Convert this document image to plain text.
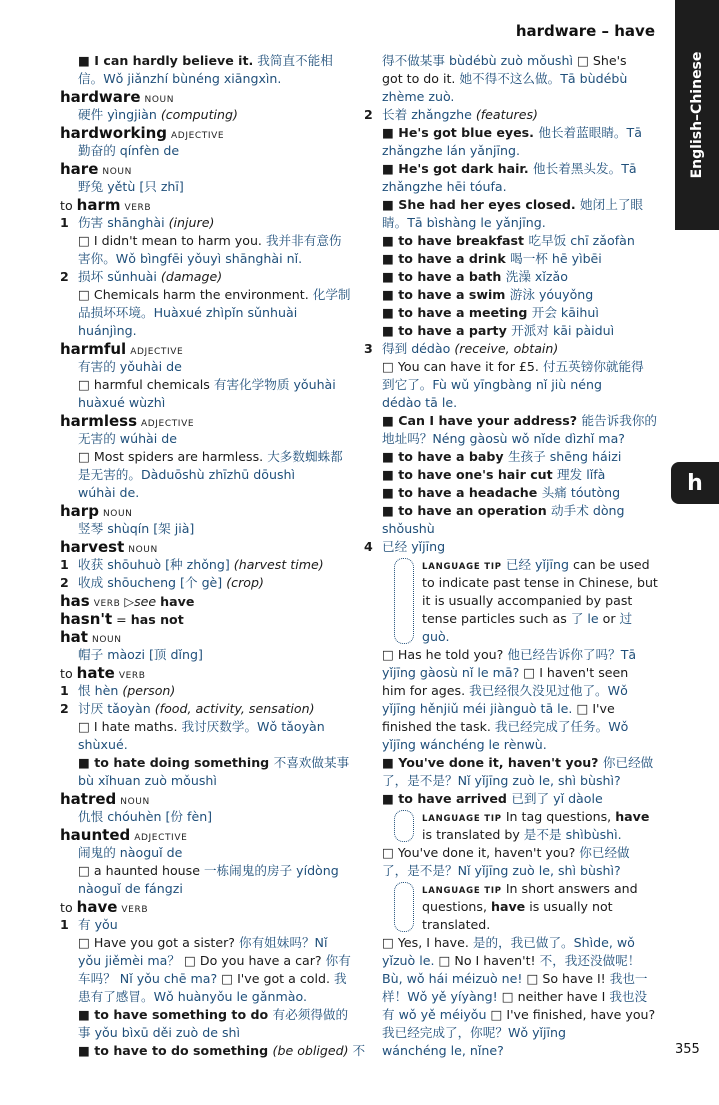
hardware – have
English–Chinese
h
■ I can hardly believe it. 我简直不能相
信。Wǒ jiǎnzhí bùnéng xiāngxìn.
hardware NOUN
硬件 yìngjiàn (computing)
hardworking ADJECTIVE
勤奋的 qínfèn de
hare NOUN
野兔 yětù [只 zhī]
to harm VERB
1 伤害 shānghài (injure)
□ I didn't mean to harm you. 我并非有意伤
害你。Wǒ bìngfēi yǒuyì shānghài nǐ.
2 损坏 sǔnhuài (damage)
□ Chemicals harm the environment. 化学制
品损坏环境。Huàxué zhìpǐn sǔnhuài
huánjìng.
harmful ADJECTIVE
有害的 yǒuhài de
□ harmful chemicals 有害化学物质 yǒuhài
huàxué wùzhì
harmless ADJECTIVE
无害的 wúhài de
□ Most spiders are harmless. 大多数蜘蛛都
是无害的。Dàduōshù zhīzhū dōushì
wúhài de.
harp NOUN
竖琴 shùqín [架 jià]
harvest NOUN
1 收获 shōuhuò [种 zhǒng] (harvest time)
2 收成 shōucheng [个 gè] (crop)
has VERB ▷see have
hasn't = has not
hat NOUN
帽子 màozi [顶 dǐng]
to hate VERB
1 恨 hèn (person)
2 讨厌 tǎoyàn (food, activity, sensation)
□ I hate maths. 我讨厌数学。Wǒ tǎoyàn
shùxué.
■ to hate doing something 不喜欢做某事
bù xǐhuan zuò mǒushì
hatred NOUN
仇恨 chóuhèn [份 fèn]
haunted ADJECTIVE
闹鬼的 nàoguǐ de
□ a haunted house 一栋闹鬼的房子 yídòng
nàoguǐ de fángzi
to have VERB
1 有 yǒu
□ Have you got a sister? 你有姐妹吗？Nǐ
yǒu jiěmèi ma？ □ Do you have a car? 你有
车吗？ Nǐ yǒu chē ma? □ I've got a cold. 我
患有了感冒。Wǒ huànyǒu le gǎnmào.
■ to have something to do 有必须得做的
事 yǒu bìxū děi zuò de shì
■ to have to do something (be obliged) 不
得不做某事 bùdébù zuò mǒushì □ She's
got to do it. 她不得不这么做。Tā bùdébù
zhème zuò.
2 长着 zhǎngzhe (features)
■ He's got blue eyes. 他长着蓝眼睛。Tā
zhǎngzhe lán yǎnjīng.
■ He's got dark hair. 他长着黑头发。Tā
zhǎngzhe hēi tóufa.
■ She had her eyes closed. 她闭上了眼
睛。Tā bìshàng le yǎnjīng.
■ to have breakfast 吃早饭 chī zǎofàn
■ to have a drink 喝一杯 hē yìbēi
■ to have a bath 洗澡 xǐzǎo
■ to have a swim 游泳 yóuyǒng
■ to have a meeting 开会 kāihuì
■ to have a party 开派对 kāi pàiduì
3 得到 dédào (receive, obtain)
□ You can have it for £5. 付五英镑你就能得
到它了。Fù wǔ yīngbàng nǐ jiù néng
dédào tā le.
■ Can I have your address? 能告诉我你的
地址吗？Néng gàosù wǒ nǐde dìzhǐ ma?
■ to have a baby 生孩子 shēng háizi
■ to have one's hair cut 理发 lǐfà
■ to have a headache 头痛 tóutòng
■ to have an operation 动手术 dòng
shǒushù
4 已经 yǐjīng
LANGUAGE TIP 已经 yǐjīng can be used
to indicate past tense in Chinese, but
it is usually accompanied by past
tense particles such as 了 le or 过
guò.
□ Has he told you? 他已经告诉你了吗？Tā
yǐjīng gàosù nǐ le mā? □ I haven't seen
him for ages. 我已经很久没见过他了。Wǒ
yǐjīng hěnjiǔ méi jiànguò tā le. □ I've
finished the task. 我已经完成了任务。Wǒ
yǐjīng wánchéng le rènwù.
■ You've done it, haven't you? 你已经做
了，是不是？Nǐ yǐjīng zuò le, shì bùshì?
■ to have arrived 已到了 yǐ dàole
LANGUAGE TIP In tag questions, have
is translated by 是不是 shìbùshì.
□ You've done it, haven't you? 你已经做
了，是不是？Nǐ yǐjīng zuò le, shì bùshì?
LANGUAGE TIP In short answers and
questions, have is usually not
translated.
□ Yes, I have. 是的，我已做了。Shìde, wǒ
yǐzuò le. □ No I haven't! 不，我还没做呢！
Bù, wǒ hái méizuò ne! □ So have I! 我也一
样！Wǒ yě yíyàng! □ neither have I 我也没
有 wǒ yě méiyǒu □ I've finished, have you?
我已经完成了，你呢？Wǒ yǐjīng
wánchéng le, nǐne?	355
